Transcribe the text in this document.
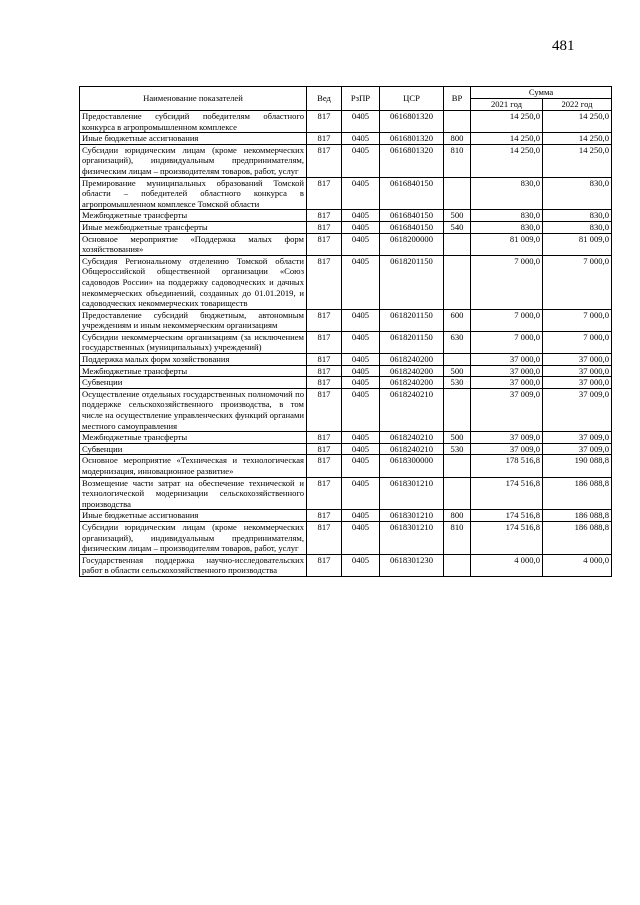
481
Наименование показателей	Вед	РзПР	ЦСР	ВР	Сумма	
					2021 год	2022 год
Предоставление субсидий победителям областного конкурса в агропромышленном комплексе	817	0405	0616801320		14 250,0	14 250,0
Иные бюджетные ассигнования	817	0405	0616801320	800	14 250,0	14 250,0
Субсидии юридическим лицам (кроме некоммерческих организаций), индивидуальным предпринимателям, физическим лицам – производителям товаров, работ, услуг	817	0405	0616801320	810	14 250,0	14 250,0
Премирование муниципальных образований Томской области – победителей областного конкурса в агропромышленном комплексе Томской области	817	0405	0616840150		830,0	830,0
Межбюджетные трансферты	817	0405	0616840150	500	830,0	830,0
Иные межбюджетные трансферты	817	0405	0616840150	540	830,0	830,0
Основное мероприятие «Поддержка малых форм хозяйствования»	817	0405	0618200000		81 009,0	81 009,0
Субсидия Региональному отделению Томской области Общероссийской общественной организации «Союз садоводов России» на поддержку садоводческих и дачных некоммерческих объединений, созданных до 01.01.2019, и садоводческих некоммерческих товариществ	817	0405	0618201150		7 000,0	7 000,0
Предоставление субсидий бюджетным, автономным учреждениям и иным некоммерческим организациям	817	0405	0618201150	600	7 000,0	7 000,0
Субсидии некоммерческим организациям (за исключением государственных (муниципальных) учреждений)	817	0405	0618201150	630	7 000,0	7 000,0
Поддержка малых форм хозяйствования	817	0405	0618240200		37 000,0	37 000,0
Межбюджетные трансферты	817	0405	0618240200	500	37 000,0	37 000,0
Субвенции	817	0405	0618240200	530	37 000,0	37 000,0
Осуществление отдельных государственных полномочий по поддержке сельскохозяйственного производства, в том числе на осуществление управленческих функций органами местного самоуправления	817	0405	0618240210		37 009,0	37 009,0
Межбюджетные трансферты	817	0405	0618240210	500	37 009,0	37 009,0
Субвенции	817	0405	0618240210	530	37 009,0	37 009,0
Основное мероприятие «Техническая и технологическая модернизация, инновационное развитие»	817	0405	0618300000		178 516,8	190 088,8
Возмещение части затрат на обеспечение технической и технологической модернизации сельскохозяйственного производства	817	0405	0618301210		174 516,8	186 088,8
Иные бюджетные ассигнования	817	0405	0618301210	800	174 516,8	186 088,8
Субсидии юридическим лицам (кроме некоммерческих организаций), индивидуальным предпринимателям, физическим лицам – производителям товаров, работ, услуг	817	0405	0618301210	810	174 516,8	186 088,8
Государственная поддержка научно-исследовательских работ в области сельскохозяйственного производства	817	0405	0618301230		4 000,0	4 000,0
